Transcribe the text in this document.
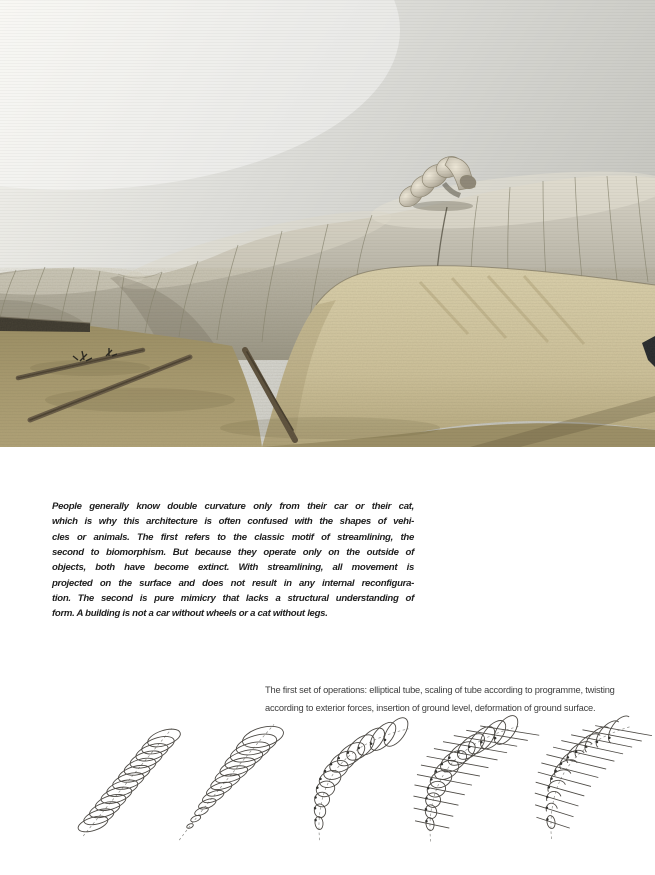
People generally know double curvature only from their car or their cat,
which is why this architecture is often confused with the shapes of vehi-
cles or animals. The first refers to the classic motif of streamlining, the
second to biomorphism. But because they operate only on the outside of
objects, both have become extinct. With streamlining, all movement is
projected on the surface and does not result in any internal reconfigura-
tion. The second is pure mimicry that lacks a structural understanding of
form. A building is not a car without wheels or a cat without legs.
The first set of operations: elliptical tube, scaling of tube according to programme, twisting
according to exterior forces, insertion of ground level, deformation of ground surface.
